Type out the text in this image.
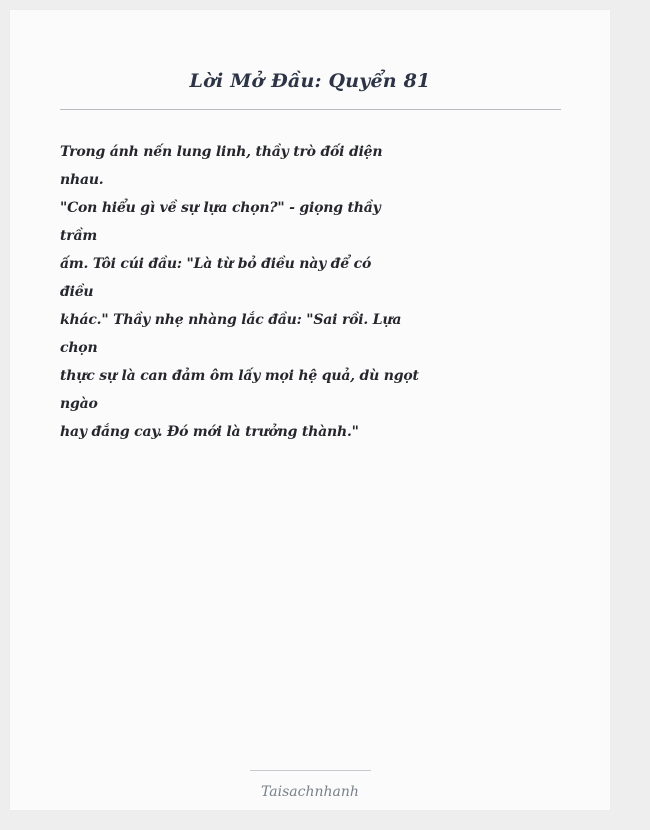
Lời Mở Đầu: Quyển 81
Trong ánh nến lung linh, thầy trò đối diện
nhau.
"Con hiểu gì về sự lựa chọn?" - giọng thầy
trầm
ấm. Tôi cúi đầu: "Là từ bỏ điều này để có
điều
khác." Thầy nhẹ nhàng lắc đầu: "Sai rồi. Lựa
chọn
thực sự là can đảm ôm lấy mọi hệ quả, dù ngọt
ngào
hay đắng cay. Đó mới là trưởng thành."
Taisachnhanh
